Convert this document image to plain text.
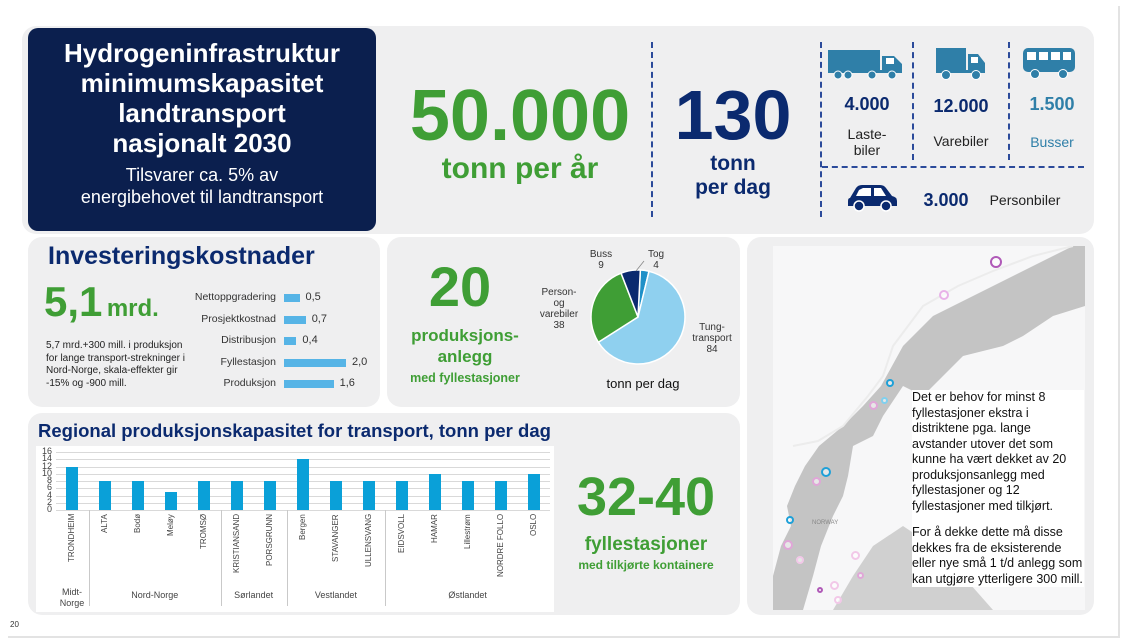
Hydrogeninfrastruktur
minimumskapasitet
landtransport
nasjonalt 2030
Tilsvarer ca. 5% av
energibehovet til landtransport
50.000
tonn per år
130
tonn
per dag
4.000
Laste-
biler
12.000
Varebiler
1.500
Busser
3.000	Personbiler
Investeringskostnader
5,1 mrd.
5,7 mrd.+300 mill. i produksjon for lange transport-strekninger i Nord-Norge, skala-effekter gir -15% og -900 mill.
Nettoppgradering	0,5
Prosjektkostnad	0,7
Distribusjon 0,4
Fyllestasjon	2,0
Produksjon	1,6
20
produksjons-
anlegg
med fyllestasjoner
Tung-transport 84
Person-og varebiler 38
Buss 9
Tog 4
tonn per dag
Regional produksjonskapasitet for transport, tonn per dag
0
2
4
6
8
10
12
14
16
TRONDHEIM	ALTA	Bodø	Meløy	TROMSØ	KRISTIANSAND	PORSGRUNN	Bergen	STAVANGER	ULLENSVANG	EIDSVOLL	HAMAR	Lillestrøm	NORDRE FOLLO	OSLO
Midt-Norge
Nord-Norge	Sørlandet	Vestlandet	Østlandet
32-40
fyllestasjoner
med tilkjørte kontainere
NORWAY
Det er behov for minst 8 fyllestasjoner ekstra i distriktene pga. lange avstander utover det som kunne ha vært dekket av 20 produksjonsanlegg med fyllestasjoner og 12 fyllestasjoner med tilkjørt.
For å dekke dette må disse dekkes fra de eksisterende eller nye små 1 t/d anlegg som kan utgjøre ytterligere 300 mill.
20
